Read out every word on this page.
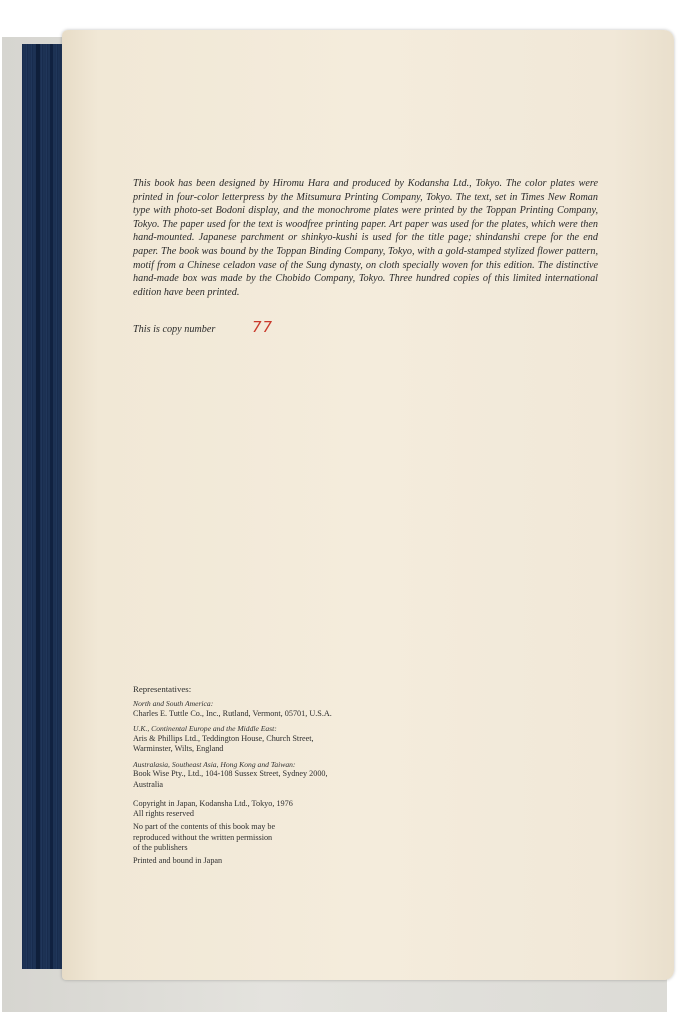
This book has been designed by Hiromu Hara and produced by Kodansha Ltd., Tokyo. The color plates were printed in four-color letterpress by the Mitsumura Printing Company, Tokyo. The text, set in Times New Roman type with photo-set Bodoni display, and the monochrome plates were printed by the Toppan Printing Company, Tokyo. The paper used for the text is woodfree printing paper. Art paper was used for the plates, which were then hand-mounted. Japanese parchment or shinkyo-kushi is used for the title page; shindanshi crepe for the end paper. The book was bound by the Toppan Binding Company, Tokyo, with a gold-stamped stylized flower pattern, motif from a Chinese celadon vase of the Sung dynasty, on cloth specially woven for this edition. The distinctive hand-made box was made by the Chobido Company, Tokyo. Three hundred copies of this limited international edition have been printed.
This is copy number	77
Representatives:
North and South America:
Charles E. Tuttle Co., Inc., Rutland, Vermont, 05701, U.S.A.
U.K., Continental Europe and the Middle East:
Aris & Phillips Ltd., Teddington House, Church Street,
Warminster, Wilts, England
Australasia, Southeast Asia, Hong Kong and Taiwan:
Book Wise Pty., Ltd., 104-108 Sussex Street, Sydney 2000,
Australia
Copyright in Japan, Kodansha Ltd., Tokyo, 1976
All rights reserved
No part of the contents of this book may be
reproduced without the written permission
of the publishers
Printed and bound in Japan
